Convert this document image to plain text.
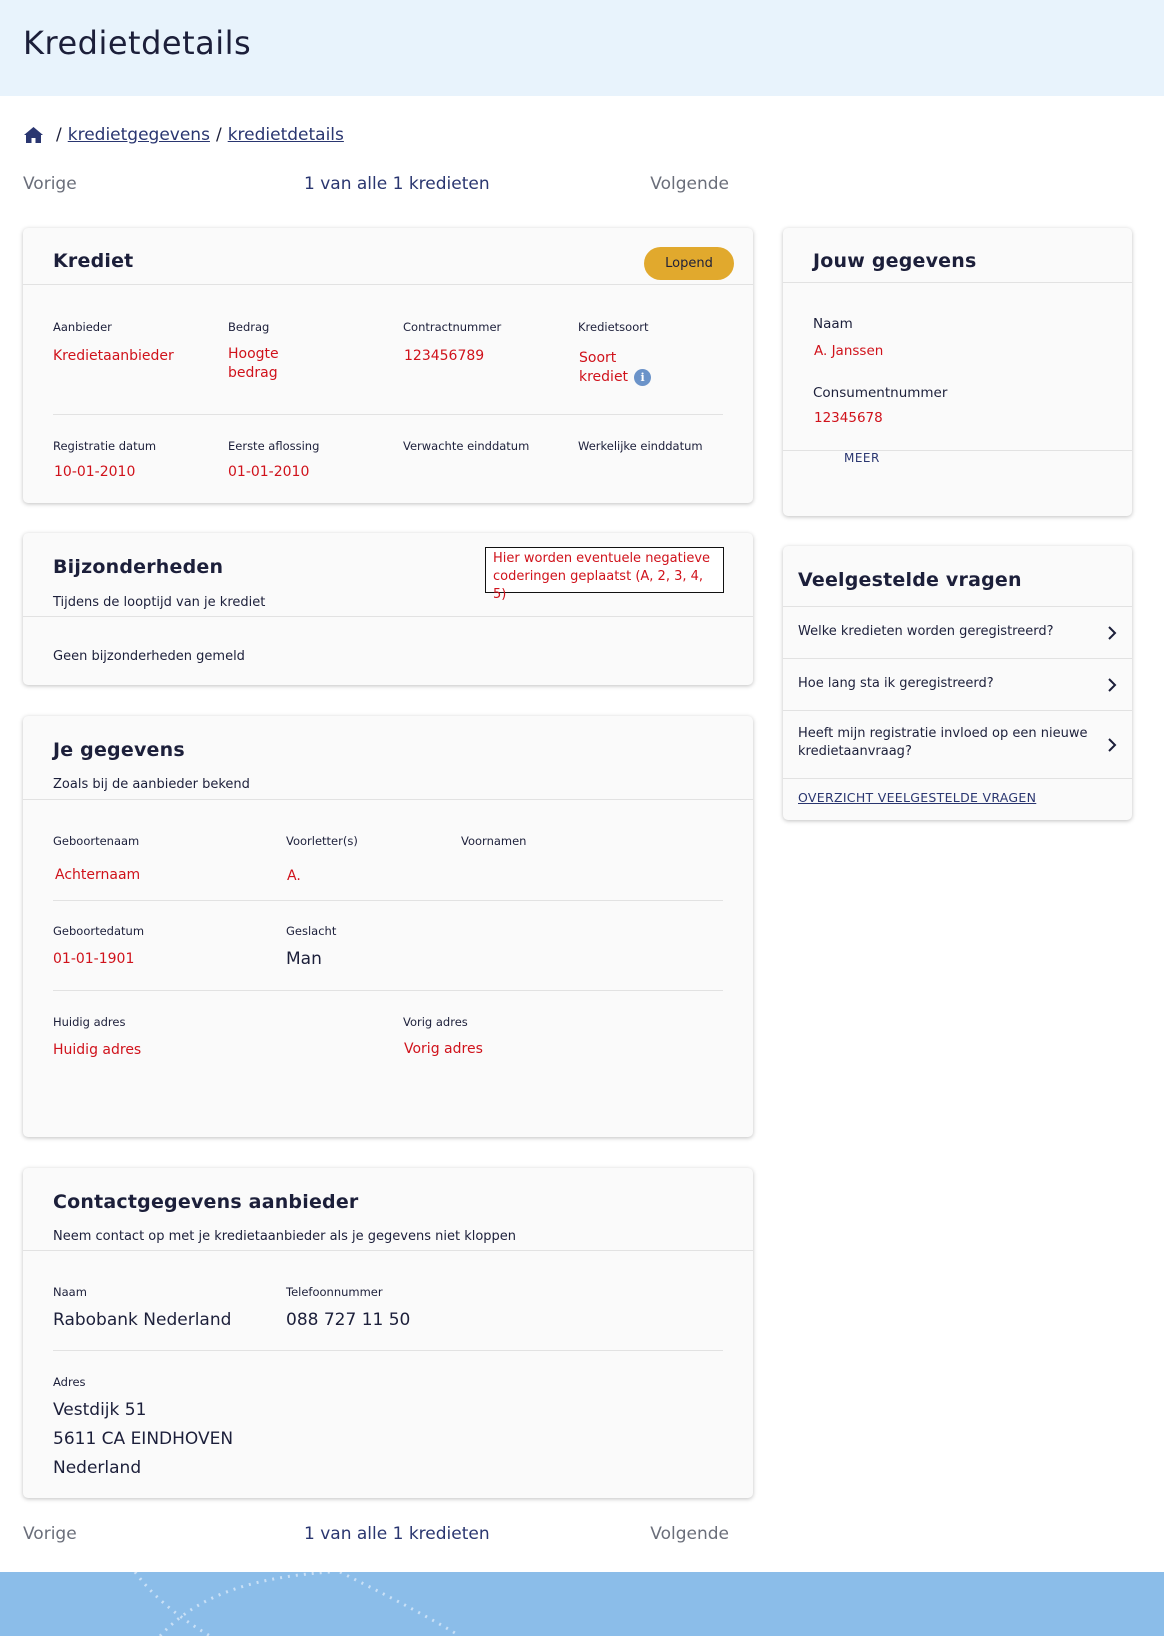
Kredietdetails
/ kredietgegevens / kredietdetails
Vorige	1 van alle 1 kredieten	Volgende
Krediet	Lopend
Aanbieder
Kredietaanbieder
Bedrag
Hoogte
bedrag
Contractnummer
123456789
Kredietsoort
Soort
krediet i
Registratie datum
10-01-2010
Eerste aflossing
01-01-2010
Verwachte einddatum	Werkelijke einddatum
Bijzonderheden
Tijdens de looptijd van je krediet
Hier worden eventuele negatieve
coderingen geplaatst (A, 2, 3, 4, 5)
Geen bijzonderheden gemeld
Je gegevens
Zoals bij de aanbieder bekend
Geboortenaam
Achternaam
Voorletter(s)
A.
Voornamen
Geboortedatum
01-01-1901
Geslacht
Man
Huidig adres
Huidig adres
Vorig adres
Vorig adres
Contactgegevens aanbieder
Neem contact op met je kredietaanbieder als je gegevens niet kloppen
Naam
Rabobank Nederland
Telefoonnummer
088 727 11 50
Adres
Vestdijk 51
5611 CA EINDHOVEN
Nederland
Vorige	1 van alle 1 kredieten	Volgende
Jouw gegevens
Naam
A. Janssen
Consumentnummer
12345678
MEER
Veelgestelde vragen
Welke kredieten worden geregistreerd?
Hoe lang sta ik geregistreerd?
Heeft mijn registratie invloed op een nieuwe
kredietaanvraag?
OVERZICHT VEELGESTELDE VRAGEN
